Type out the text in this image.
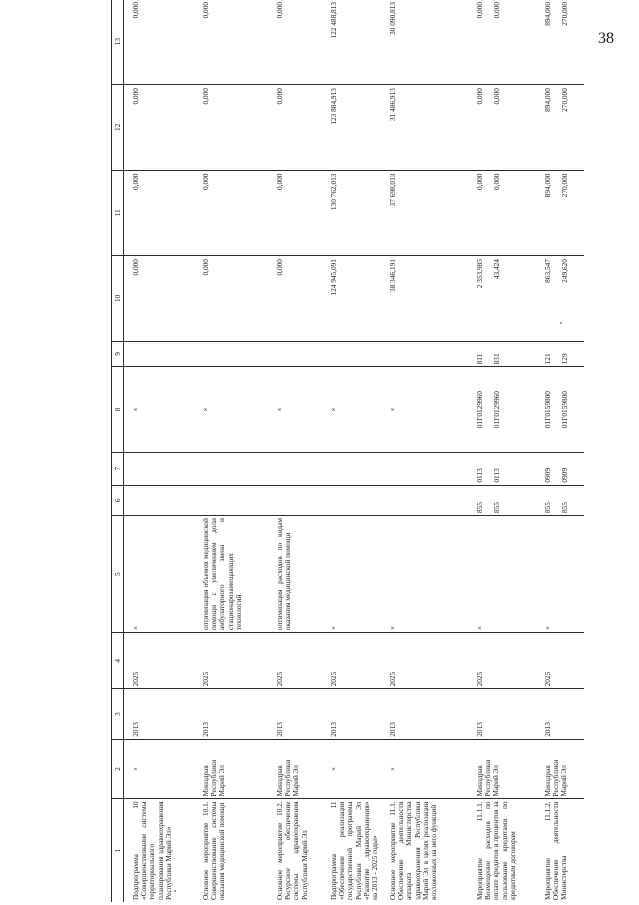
38
1	2	3	4	5	6	7	8	9	10	11	12	13
Подпрограмма 10 «Совершенствование системы территориального планирования здравоохранения Республики Марий Эл»	×	2013	2025	×			×		0,000	0,000	0,000	0,000

Основное мероприятие 10.1. Совершенствование системы оказания медицинской помощи	Минздрав Республики Марий Эл	2013	2025	оптимизация объемов медицинской помощи с увеличением доли амбулаторного звена и стационарозамещающих технологий			×		0,000	0,000	0,000	0,000

Основное мероприятие 10.2. Ресурсное обеспечение системы здравоохранения Республики Марий Эл	Минздрав Республики Марий Эл	2013	2025	оптимизация расходов по видам оказания медицинской помощи			×		0,000	0,000	0,000	0,000

Подпрограмма 11 «Обеспечение реализации государственной программы Республики Марий Эл «Развитие здравоохранения» на 2013 - 2025 годы»	×	2013	2025	×			×		124 945,091	130 762,013	123 884,913	122 488,813

Основное мероприятие 11.1. Обеспечение деятельности аппарата Министерства здравоохранения Республики Марий Эл в целях реализации возложенных на него функций	×	2013	2025	×			×		38 346,191	37 698,013	31 486,913	30 090,813

Мероприятие 11.1.1. Возмещение расходов по оплате кредитов и процентов за пользование кредитами по кредитным договорам	Минздрав Республики Марий Эл	2013	2025	×	855 855	0113 0113	01Г0129960 01Г0129960	811 831	2 353,985 43,424	0,000 0,000	0,000 0,000	0,000 0,000

Мероприятие 11.1.2. Обеспечение деятельности Министерства	Минздрав Республики Марий Эл	2013	2025	×	855 855	0909 0909	01Г0159800 01Г0159800	121 129	863,547 249,620	894,000 270,000	894,000 270,000	894,000 270,000
